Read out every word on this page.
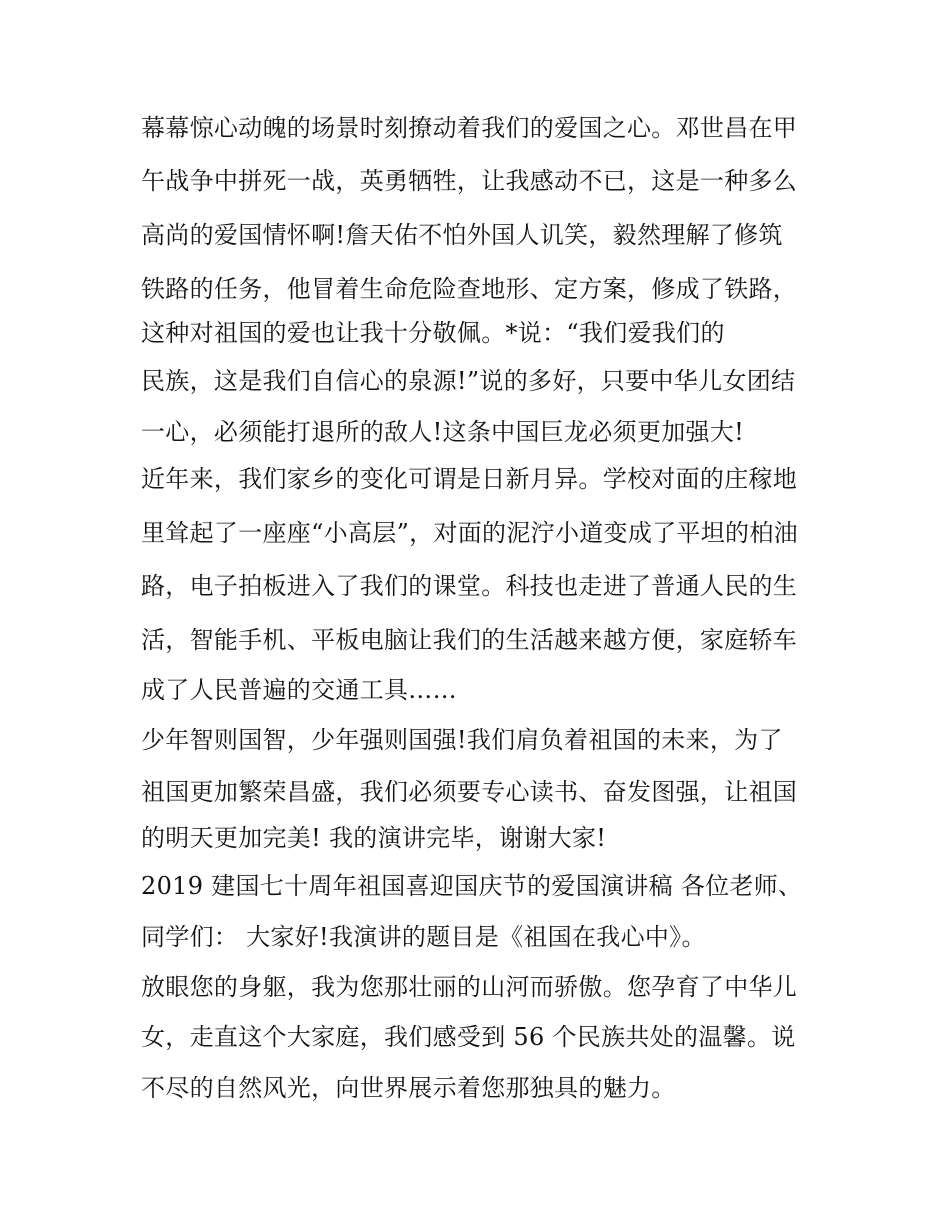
幕幕惊心动魄的场景时刻撩动着我们的爱国之心。邓世昌在甲
午战争中拼死一战，英勇牺牲，让我感动不已，这是一种多么
高尚的爱国情怀啊!詹天佑不怕外国人讥笑，毅然理解了修筑
铁路的任务，他冒着生命危险查地形、定方案，修成了铁路，
这种对祖国的爱也让我十分敬佩。*说：“我们爱我们的
民族，这是我们自信心的泉源!”说的多好，只要中华儿女团结
一心，必须能打退所的敌人!这条中国巨龙必须更加强大!
近年来，我们家乡的变化可谓是日新月异。学校对面的庄稼地
里耸起了一座座“小高层”，对面的泥泞小道变成了平坦的柏油
路，电子拍板进入了我们的课堂。科技也走进了普通人民的生
活，智能手机、平板电脑让我们的生活越来越方便，家庭轿车
成了人民普遍的交通工具……
少年智则国智，少年强则国强!我们肩负着祖国的未来，为了
祖国更加繁荣昌盛，我们必须要专心读书、奋发图强，让祖国
的明天更加完美! 我的演讲完毕，谢谢大家!
2019 建国七十周年祖国喜迎国庆节的爱国演讲稿 各位老师、
同学们： 大家好!我演讲的题目是《祖国在我心中》。
放眼您的身躯，我为您那壮丽的山河而骄傲。您孕育了中华儿
女，走直这个大家庭，我们感受到 56 个民族共处的温馨。说
不尽的自然风光，向世界展示着您那独具的魅力。
